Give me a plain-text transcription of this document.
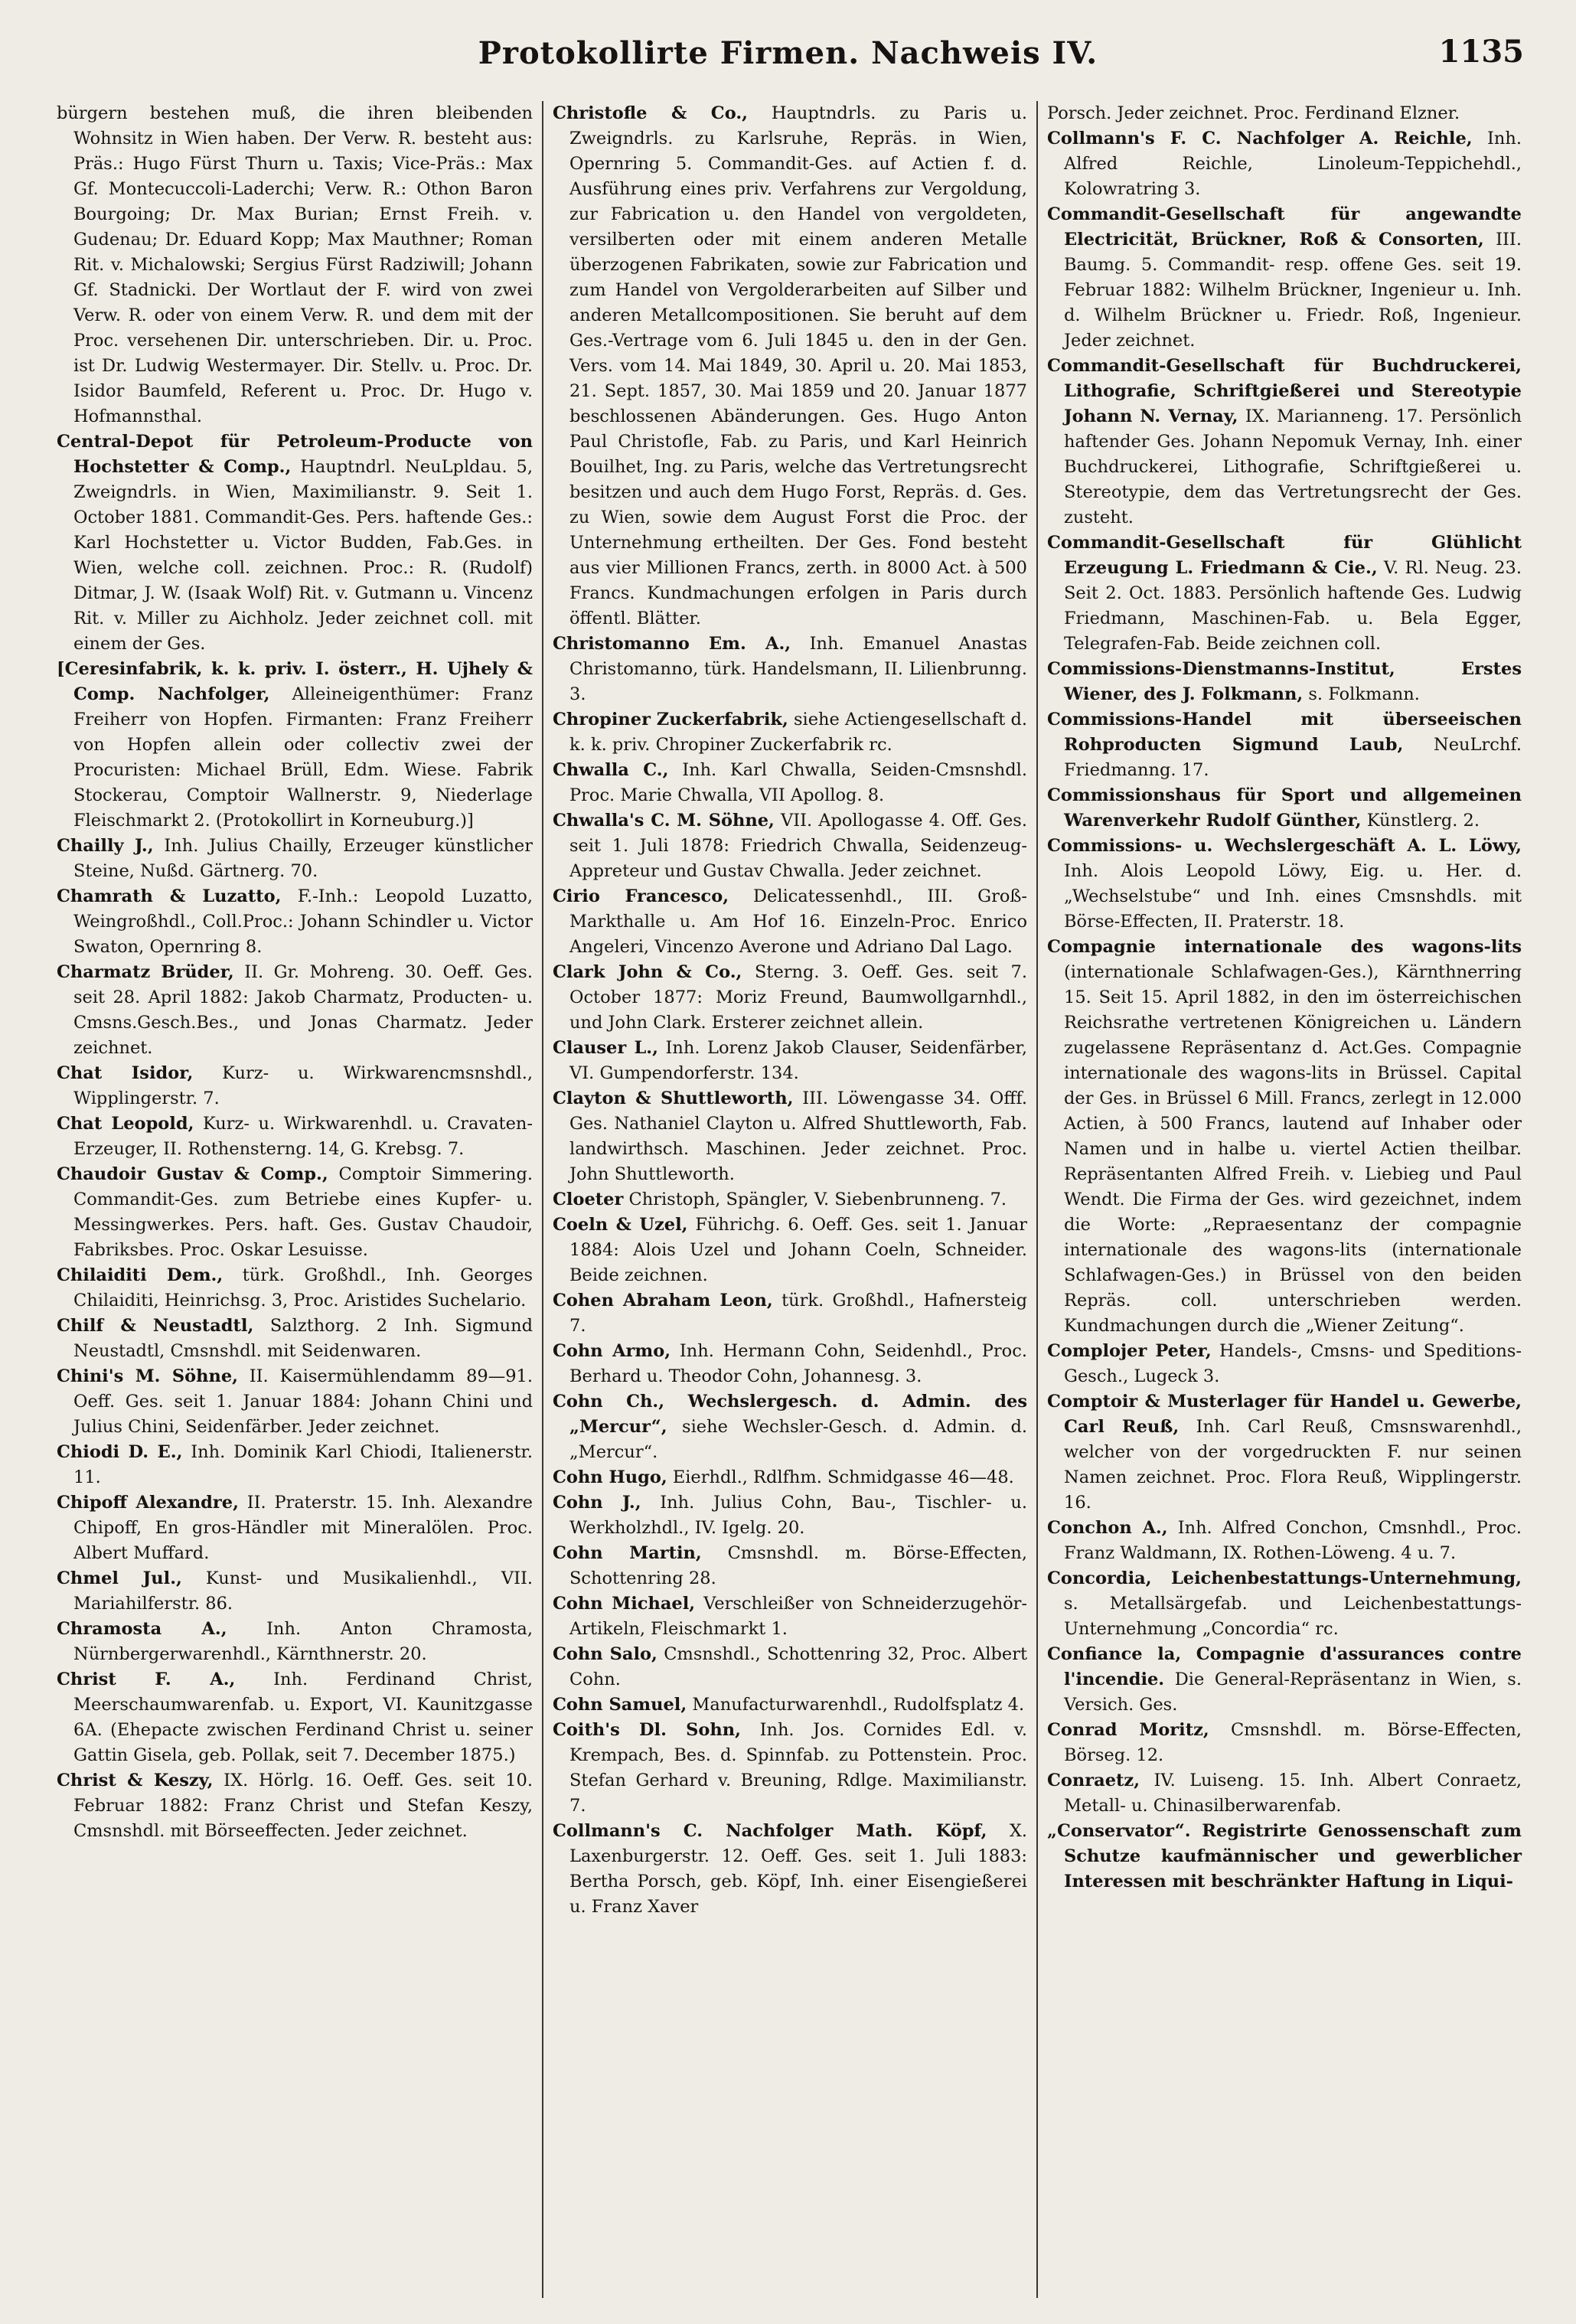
Protokollirte Firmen. Nachweis IV.	1135

bürgern bestehen muß, die ihren bleibenden Wohnsitz in Wien haben. Der Verw. R. besteht aus: Präs.: Hugo Fürst Thurn u. Taxis; Vice-Präs.: Max Gf. Montecuccoli-Laderchi; Verw. R.: Othon Baron Bourgoing; Dr. Max Burian; Ernst Freih. v. Gudenau; Dr. Eduard Kopp; Max Mauthner; Roman Rit. v. Michalowski; Sergius Fürst Radziwill; Johann Gf. Stadnicki. Der Wortlaut der F. wird von zwei Verw. R. oder von einem Verw. R. und dem mit der Proc. versehenen Dir. unterschrieben. Dir. u. Proc. ist Dr. Ludwig Westermayer. Dir. Stellv. u. Proc. Dr. Isidor Baumfeld, Referent u. Proc. Dr. Hugo v. Hofmannsthal.

Central-Depot für Petroleum-Producte von Hochstetter & Comp., Hauptndrl. NeuLpldau. 5, Zweigndrls. in Wien, Maximilianstr. 9. Seit 1. October 1881. Commandit-Ges. Pers. haftende Ges.: Karl Hochstetter u. Victor Budden, Fab.Ges. in Wien, welche coll. zeichnen. Proc.: R. (Rudolf) Ditmar, J. W. (Isaak Wolf) Rit. v. Gutmann u. Vincenz Rit. v. Miller zu Aichholz. Jeder zeichnet coll. mit einem der Ges.

[Ceresinfabrik, k. k. priv. I. österr., H. Ujhely & Comp. Nachfolger, Alleineigenthümer: Franz Freiherr von Hopfen. Firmanten: Franz Freiherr von Hopfen allein oder collectiv zwei der Procuristen: Michael Brüll, Edm. Wiese. Fabrik Stockerau, Comptoir Wallnerstr. 9, Niederlage Fleischmarkt 2. (Protokollirt in Korneuburg.)]

Chailly J., Inh. Julius Chailly, Erzeuger künstlicher Steine, Nußd. Gärtnerg. 70.

Chamrath & Luzatto, F.-Inh.: Leopold Luzatto, Weingroßhdl., Coll.Proc.: Johann Schindler u. Victor Swaton, Opernring 8.

Charmatz Brüder, II. Gr. Mohreng. 30. Oeff. Ges. seit 28. April 1882: Jakob Charmatz, Producten- u. Cmsns.Gesch.Bes., und Jonas Charmatz. Jeder zeichnet.

Chat Isidor, Kurz- u. Wirkwarencmsnshdl., Wipplingerstr. 7.

Chat Leopold, Kurz- u. Wirkwarenhdl. u. Cravaten-Erzeuger, II. Rothensterng. 14, G. Krebsg. 7.

Chaudoir Gustav & Comp., Comptoir Simmering. Commandit-Ges. zum Betriebe eines Kupfer- u. Messingwerkes. Pers. haft. Ges. Gustav Chaudoir, Fabriksbes. Proc. Oskar Lesuisse.

Chilaiditi Dem., türk. Großhdl., Inh. Georges Chilaiditi, Heinrichsg. 3, Proc. Aristides Suchelario.

Chilf & Neustadtl, Salzthorg. 2 Inh. Sigmund Neustadtl, Cmsnshdl. mit Seidenwaren.

Chini's M. Söhne, II. Kaisermühlendamm 89—91. Oeff. Ges. seit 1. Januar 1884: Johann Chini und Julius Chini, Seidenfärber. Jeder zeichnet.

Chiodi D. E., Inh. Dominik Karl Chiodi, Italienerstr. 11.

Chipoff Alexandre, II. Praterstr. 15. Inh. Alexandre Chipoff, En gros-Händler mit Mineralölen. Proc. Albert Muffard.

Chmel Jul., Kunst- und Musikalienhdl., VII. Mariahilferstr. 86.

Chramosta A., Inh. Anton Chramosta, Nürnbergerwarenhdl., Kärnthnerstr. 20.

Christ F. A., Inh. Ferdinand Christ, Meerschaumwarenfab. u. Export, VI. Kaunitzgasse 6A. (Ehepacte zwischen Ferdinand Christ u. seiner Gattin Gisela, geb. Pollak, seit 7. December 1875.)

Christ & Keszy, IX. Hörlg. 16. Oeff. Ges. seit 10. Februar 1882: Franz Christ und Stefan Keszy, Cmsnshdl. mit Börseeffecten. Jeder zeichnet.

Christofle & Co., Hauptndrls. zu Paris u. Zweigndrls. zu Karlsruhe, Repräs. in Wien, Opernring 5. Commandit-Ges. auf Actien f. d. Ausführung eines priv. Verfahrens zur Vergoldung, zur Fabrication u. den Handel von vergoldeten, versilberten oder mit einem anderen Metalle überzogenen Fabrikaten, sowie zur Fabrication und zum Handel von Vergolderarbeiten auf Silber und anderen Metallcompositionen. Sie beruht auf dem Ges.-Vertrage vom 6. Juli 1845 u. den in der Gen. Vers. vom 14. Mai 1849, 30. April u. 20. Mai 1853, 21. Sept. 1857, 30. Mai 1859 und 20. Januar 1877 beschlossenen Abänderungen. Ges. Hugo Anton Paul Christofle, Fab. zu Paris, und Karl Heinrich Bouilhet, Ing. zu Paris, welche das Vertretungsrecht besitzen und auch dem Hugo Forst, Repräs. d. Ges. zu Wien, sowie dem August Forst die Proc. der Unternehmung ertheilten. Der Ges. Fond besteht aus vier Millionen Francs, zerth. in 8000 Act. à 500 Francs. Kundmachungen erfolgen in Paris durch öffentl. Blätter.

Christomanno Em. A., Inh. Emanuel Anastas Christomanno, türk. Handelsmann, II. Lilienbrunng. 3.

Chropiner Zuckerfabrik, siehe Actiengesellschaft d. k. k. priv. Chropiner Zuckerfabrik rc.

Chwalla C., Inh. Karl Chwalla, Seiden-Cmsnshdl. Proc. Marie Chwalla, VII Apollog. 8.

Chwalla's C. M. Söhne, VII. Apollogasse 4. Off. Ges. seit 1. Juli 1878: Friedrich Chwalla, Seidenzeug-Appreteur und Gustav Chwalla. Jeder zeichnet.

Cirio Francesco, Delicatessenhdl., III. Groß-Markthalle u. Am Hof 16. Einzeln-Proc. Enrico Angeleri, Vincenzo Averone und Adriano Dal Lago.

Clark John & Co., Sterng. 3. Oeff. Ges. seit 7. October 1877: Moriz Freund, Baumwollgarnhdl., und John Clark. Ersterer zeichnet allein.

Clauser L., Inh. Lorenz Jakob Clauser, Seidenfärber, VI. Gumpendorferstr. 134.

Clayton & Shuttleworth, III. Löwengasse 34. Offf. Ges. Nathaniel Clayton u. Alfred Shuttleworth, Fab. landwirthsch. Maschinen. Jeder zeichnet. Proc. John Shuttleworth.

Cloeter Christoph, Spängler, V. Siebenbrunneng. 7.

Coeln & Uzel, Führichg. 6. Oeff. Ges. seit 1. Januar 1884: Alois Uzel und Johann Coeln, Schneider. Beide zeichnen.

Cohen Abraham Leon, türk. Großhdl., Hafnersteig 7.

Cohn Armo, Inh. Hermann Cohn, Seidenhdl., Proc. Berhard u. Theodor Cohn, Johannesg. 3.

Cohn Ch., Wechslergesch. d. Admin. des „Mercur“, siehe Wechsler-Gesch. d. Admin. d. „Mercur“.

Cohn Hugo, Eierhdl., Rdlfhm. Schmidgasse 46—48.

Cohn J., Inh. Julius Cohn, Bau-, Tischler- u. Werkholzhdl., IV. Igelg. 20.

Cohn Martin, Cmsnshdl. m. Börse-Effecten, Schottenring 28.

Cohn Michael, Verschleißer von Schneiderzugehör-Artikeln, Fleischmarkt 1.

Cohn Salo, Cmsnshdl., Schottenring 32, Proc. Albert Cohn.

Cohn Samuel, Manufacturwarenhdl., Rudolfsplatz 4.

Coith's Dl. Sohn, Inh. Jos. Cornides Edl. v. Krempach, Bes. d. Spinnfab. zu Pottenstein. Proc. Stefan Gerhard v. Breuning, Rdlge. Maximilianstr. 7.

Collmann's C. Nachfolger Math. Köpf, X. Laxenburgerstr. 12. Oeff. Ges. seit 1. Juli 1883: Bertha Porsch, geb. Köpf, Inh. einer Eisengießerei u. Franz Xaver

Porsch. Jeder zeichnet. Proc. Ferdinand Elzner.

Collmann's F. C. Nachfolger A. Reichle, Inh. Alfred Reichle, Linoleum-Teppichehdl., Kolowratring 3.

Commandit-Gesellschaft für angewandte Electricität, Brückner, Roß & Consorten, III. Baumg. 5. Commandit- resp. offene Ges. seit 19. Februar 1882: Wilhelm Brückner, Ingenieur u. Inh. d. Wilhelm Brückner u. Friedr. Roß, Ingenieur. Jeder zeichnet.

Commandit-Gesellschaft für Buchdruckerei, Lithografie, Schriftgießerei und Stereotypie Johann N. Vernay, IX. Marianneng. 17. Persönlich haftender Ges. Johann Nepomuk Vernay, Inh. einer Buchdruckerei, Lithografie, Schriftgießerei u. Stereotypie, dem das Vertretungsrecht der Ges. zusteht.

Commandit-Gesellschaft für Glühlicht Erzeugung L. Friedmann & Cie., V. Rl. Neug. 23. Seit 2. Oct. 1883. Persönlich haftende Ges. Ludwig Friedmann, Maschinen-Fab. u. Bela Egger, Telegrafen-Fab. Beide zeichnen coll.

Commissions-Dienstmanns-Institut, Erstes Wiener, des J. Folkmann, s. Folkmann.

Commissions-Handel mit überseeischen Rohproducten Sigmund Laub, NeuLrchf. Friedmanng. 17.

Commissionshaus für Sport und allgemeinen Warenverkehr Rudolf Günther, Künstlerg. 2.

Commissions- u. Wechslergeschäft A. L. Löwy, Inh. Alois Leopold Löwy, Eig. u. Her. d. „Wechselstube“ und Inh. eines Cmsnshdls. mit Börse-Effecten, II. Praterstr. 18.

Compagnie internationale des wagons-lits (internationale Schlafwagen-Ges.), Kärnthnerring 15. Seit 15. April 1882, in den im österreichischen Reichsrathe vertretenen Königreichen u. Ländern zugelassene Repräsentanz d. Act.Ges. Compagnie internationale des wagons-lits in Brüssel. Capital der Ges. in Brüssel 6 Mill. Francs, zerlegt in 12.000 Actien, à 500 Francs, lautend auf Inhaber oder Namen und in halbe u. viertel Actien theilbar. Repräsentanten Alfred Freih. v. Liebieg und Paul Wendt. Die Firma der Ges. wird gezeichnet, indem die Worte: „Repraesentanz der compagnie internationale des wagons-lits (internationale Schlafwagen-Ges.) in Brüssel von den beiden Repräs. coll. unterschrieben werden. Kundmachungen durch die „Wiener Zeitung“.

Complojer Peter, Handels-, Cmsns- und Speditions-Gesch., Lugeck 3.

Comptoir & Musterlager für Handel u. Gewerbe, Carl Reuß, Inh. Carl Reuß, Cmsnswarenhdl., welcher von der vorgedruckten F. nur seinen Namen zeichnet. Proc. Flora Reuß, Wipplingerstr. 16.

Conchon A., Inh. Alfred Conchon, Cmsnhdl., Proc. Franz Waldmann, IX. Rothen-Löweng. 4 u. 7.

Concordia, Leichenbestattungs-Unternehmung, s. Metallsärgefab. und Leichenbestattungs-Unternehmung „Concordia“ rc.

Confiance la, Compagnie d'assurances contre l'incendie. Die General-Repräsentanz in Wien, s. Versich. Ges.

Conrad Moritz, Cmsnshdl. m. Börse-Effecten, Börseg. 12.

Conraetz, IV. Luiseng. 15. Inh. Albert Conraetz, Metall- u. Chinasilberwarenfab.

„Conservator“. Registrirte Genossenschaft zum Schutze kaufmännischer und gewerblicher Interessen mit beschränkter Haftung in Liqui-
